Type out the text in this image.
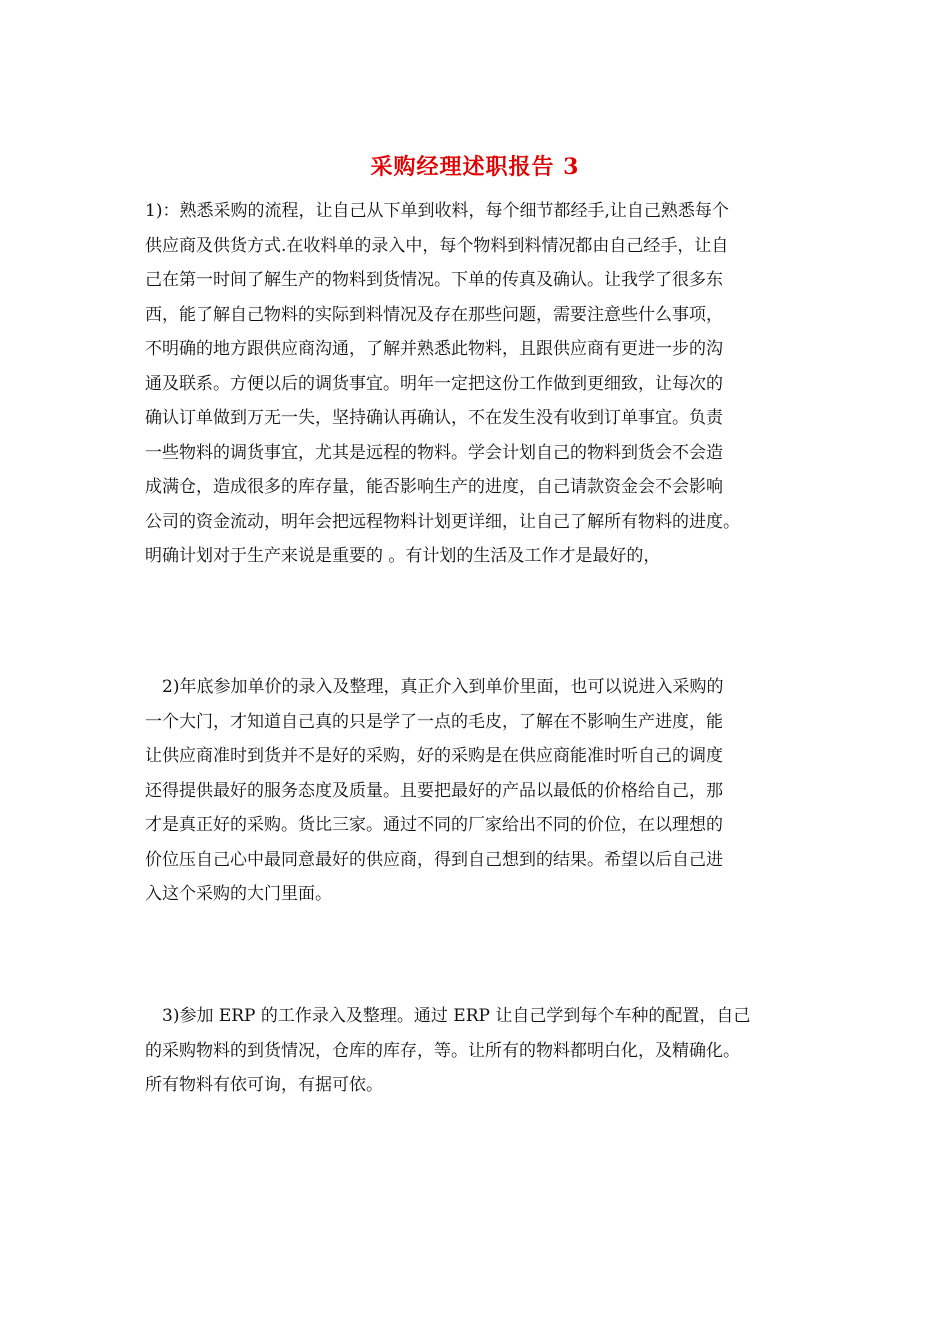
采购经理述职报告 3
1)：熟悉采购的流程，让自己从下单到收料，每个细节都经手,让自己熟悉每个
供应商及供货方式.在收料单的录入中，每个物料到料情况都由自己经手，让自
己在第一时间了解生产的物料到货情况。下单的传真及确认。让我学了很多东
西，能了解自己物料的实际到料情况及存在那些问题，需要注意些什么事项，
不明确的地方跟供应商沟通，了解并熟悉此物料，且跟供应商有更进一步的沟
通及联系。方便以后的调货事宜。明年一定把这份工作做到更细致，让每次的
确认订单做到万无一失，坚持确认再确认，不在发生没有收到订单事宜。负责
一些物料的调货事宜，尤其是远程的物料。学会计划自己的物料到货会不会造
成满仓，造成很多的库存量，能否影响生产的进度，自己请款资金会不会影响
公司的资金流动，明年会把远程物料计划更详细，让自己了解所有物料的进度。
明确计划对于生产来说是重要的 。有计划的生活及工作才是最好的，
　2)年底参加单价的录入及整理，真正介入到单价里面，也可以说进入采购的
一个大门，才知道自己真的只是学了一点的毛皮，了解在不影响生产进度，能
让供应商准时到货并不是好的采购，好的采购是在供应商能准时听自己的调度
还得提供最好的服务态度及质量。且要把最好的产品以最低的价格给自己，那
才是真正好的采购。货比三家。通过不同的厂家给出不同的价位，在以理想的
价位压自己心中最同意最好的供应商，得到自己想到的结果。希望以后自己进
入这个采购的大门里面。
　3)参加 ERP 的工作录入及整理。通过 ERP 让自己学到每个车种的配置，自己
的采购物料的到货情况，仓库的库存，等。让所有的物料都明白化，及精确化。
所有物料有依可询，有据可依。
